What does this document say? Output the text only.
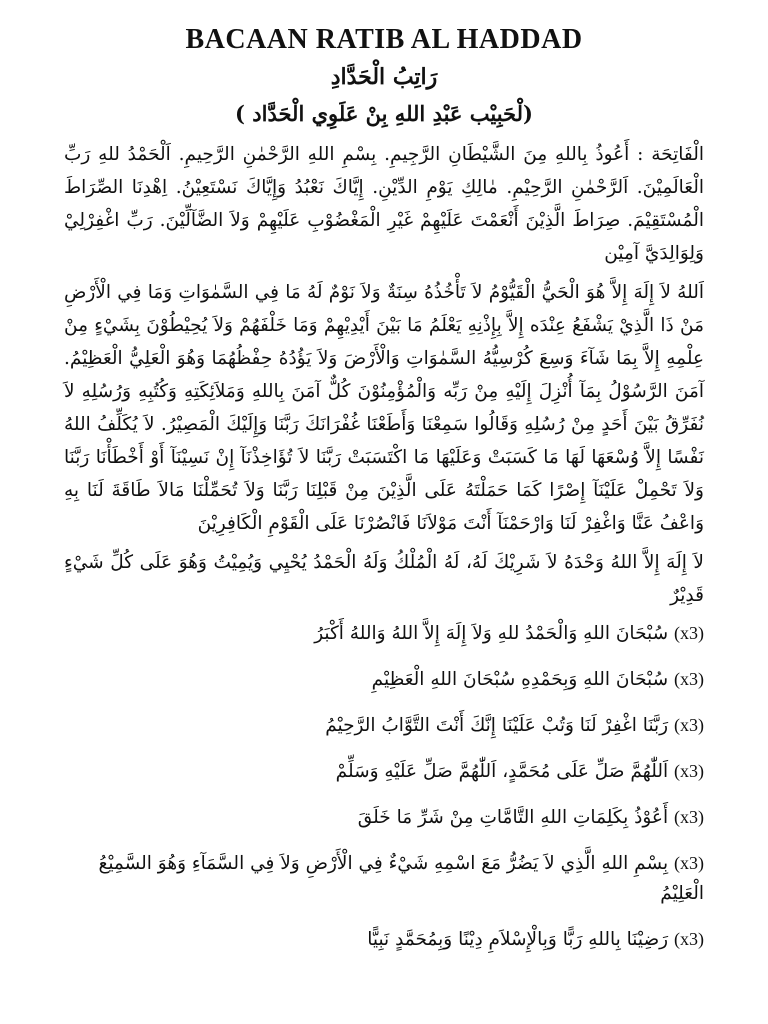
BACAAN RATIB AL HADDAD
رَاتِبُ الْحَدَّادِ
(لْحَبِيْب عَبْدِ اللهِ بِنْ عَلَوِي الْحَدَّاد )

الْفَاتِحَة : أَعُوذُ بِاللهِ مِنَ الشَّيْطَانِ الرَّجِيمِ. بِسْمِ اللهِ الرَّحْمٰنِ الرَّحِيمِ. اَلْحَمْدُ للهِ رَبِّ الْعَالَمِيْنَ. اَلرَّحْمٰنِ الرَّحِيْمِ. مٰالِكِ يَوْمِ الدِّيْنِ. إِيَّاكَ نَعْبُدُ وَإِيَّاكَ نَسْتَعِيْنُ. اِهْدِنَا الصِّرَاطَ الْمُسْتَقِيْمَ. صِرَاطَ الَّذِيْنَ أَنْعَمْتَ عَلَيْهِمْ غَيْرِ الْمَغْضُوْبِ عَلَيْهِمْ وَلاَ الضَّآلِّيْنَ. رَبِّ اغْفِرْلِيْ وَلِوَالِدَيَّ آمِيْن

اَللهُ لاَ إِلَهَ إِلاَّ هُوَ الْحَيُّ الْقَيُّوْمُ لاَ تَأْخُذُهُ سِنَةٌ وَلاَ نَوْمٌ لَهُ مَا فِي السَّمٰوَاتِ وَمَا فِي الْأَرْضِ مَنْ ذَا الَّذِيْ يَشْفَعُ عِنْدَه إِلاَّ بِإِذْنِهِ يَعْلَمُ مَا بَيْنَ أَيْدِيْهِمْ وَمَا خَلْفَهُمْ وَلاَ يُحِيْطُوْنَ بِشَيْءٍ مِنْ عِلْمِهِ إِلاَّ بِمَا شَآءَ وَسِعَ كُرْسِيُّهُ السَّمٰوَاتِ وَالْأَرْضَ وَلاَ يَؤُدُهُ حِفْظُهُمَا وَهُوَ الْعَلِيُّ الْعَظِيْمُ. آمَنَ الرَّسُوْلُ بِمَآ أُنْزِلَ إِلَيْهِ مِنْ رَبِّه وَالْمُؤْمِنُوْنَ كُلٌّ آمَنَ بِاللهِ وَمَلاَئِكَتِهِ وَكُتُبِهِ وَرُسُلِهِ لاَ نُفَرِّقُ بَيْنَ أَحَدٍ مِنْ رُسُلِهِ وَقَالُوا سَمِعْنَا وَأَطَعْنَا غُفْرَانَكَ رَبَّنَا وَإِلَيْكَ الْمَصِيْرُ. لاَ يُكَلِّفُ اللهُ نَفْسًا إِلاَّ وُسْعَهَا لَهَا مَا كَسَبَتْ وَعَلَيْهَا مَا اكْتَسَبَتْ رَبَّنَا لاَ تُؤَاخِذْنَآ إِنْ نَسِيْنَآ أَوْ أَخْطَأْنَا رَبَّنَا وَلاَ تَحْمِلْ عَلَيْنَآ إِصْرًا كَمَا حَمَلْتَهُ عَلَى الَّذِيْنَ مِنْ قَبْلِنَا رَبَّنَا وَلاَ تُحَمِّلْنَا مَالاَ طَاقَةَ لَنَا بِهِ وَاعْفُ عَنَّا وَاغْفِرْ لَنَا وَارْحَمْنَآ أَنْتَ مَوْلاَنَا فَانْصُرْنَا عَلَى الْقَوْمِ الْكَافِرِيْنَ

لاَ إِلَهَ إِلاَّ اللهُ وَحْدَهُ لاَ شَرِيْكَ لَهُ، لَهُ الْمُلْكُ وَلَهُ الْحَمْدُ يُحْيِي وَيُمِيْتُ وَهُوَ عَلَى كُلِّ شَيْءٍ قَدِيْرٌ

(x3) سُبْحَانَ اللهِ وَالْحَمْدُ للهِ وَلاَ إِلَهَ إِلاَّ اللهُ وَاللهُ أَكْبَرُ
(x3) سُبْحَانَ اللهِ وَبِحَمْدِهِ سُبْحَانَ اللهِ الْعَظِيْمِ
(x3) رَبَّنَا اغْفِرْ لَنَا وَتُبْ عَلَيْنَا إِنَّكَ أَنْتَ التَّوَّابُ الرَّحِيْمُ
(x3) اَللّٰهُمَّ صَلِّ عَلَى مُحَمَّدٍ، اَللّٰهُمَّ صَلِّ عَلَيْهِ وَسَلِّمْ
(x3) أَعُوْذُ بِكَلِمَاتِ اللهِ التَّامَّاتِ مِنْ شَرِّ مَا خَلَقَ
(x3) بِسْمِ اللهِ الَّذِي لاَ يَضُرُّ مَعَ اسْمِهِ شَيْءٌ فِي الْأَرْضِ وَلاَ فِي السَّمَآءِ وَهُوَ السَّمِيْعُ الْعَلِيْمُ
(x3) رَضِيْنَا بِاللهِ رَبًّا وَبِالْإِسْلاَمِ دِيْنًا وَبِمُحَمَّدٍ نَبِيًّا
